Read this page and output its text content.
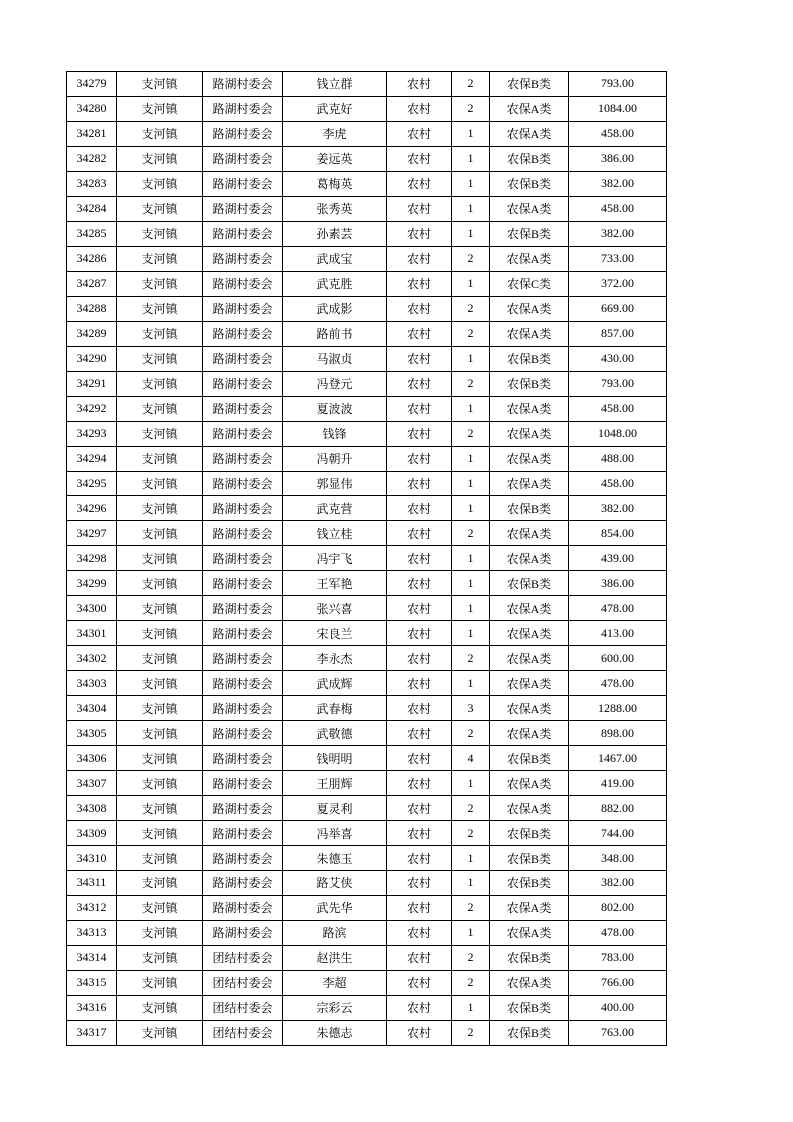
34279	支河镇	路湖村委会	钱立群	农村	2	农保B类	793.00
34280	支河镇	路湖村委会	武克好	农村	2	农保A类	1084.00
34281	支河镇	路湖村委会	李虎	农村	1	农保A类	458.00
34282	支河镇	路湖村委会	姜远英	农村	1	农保B类	386.00
34283	支河镇	路湖村委会	葛梅英	农村	1	农保B类	382.00
34284	支河镇	路湖村委会	张秀英	农村	1	农保A类	458.00
34285	支河镇	路湖村委会	孙素芸	农村	1	农保B类	382.00
34286	支河镇	路湖村委会	武成宝	农村	2	农保A类	733.00
34287	支河镇	路湖村委会	武克胜	农村	1	农保C类	372.00
34288	支河镇	路湖村委会	武成影	农村	2	农保A类	669.00
34289	支河镇	路湖村委会	路前书	农村	2	农保A类	857.00
34290	支河镇	路湖村委会	马淑贞	农村	1	农保B类	430.00
34291	支河镇	路湖村委会	冯登元	农村	2	农保B类	793.00
34292	支河镇	路湖村委会	夏波波	农村	1	农保A类	458.00
34293	支河镇	路湖村委会	钱锋	农村	2	农保A类	1048.00
34294	支河镇	路湖村委会	冯朝升	农村	1	农保A类	488.00
34295	支河镇	路湖村委会	郭显伟	农村	1	农保A类	458.00
34296	支河镇	路湖村委会	武克营	农村	1	农保B类	382.00
34297	支河镇	路湖村委会	钱立桂	农村	2	农保A类	854.00
34298	支河镇	路湖村委会	冯宇飞	农村	1	农保A类	439.00
34299	支河镇	路湖村委会	王军艳	农村	1	农保B类	386.00
34300	支河镇	路湖村委会	张兴喜	农村	1	农保A类	478.00
34301	支河镇	路湖村委会	宋良兰	农村	1	农保A类	413.00
34302	支河镇	路湖村委会	李永杰	农村	2	农保A类	600.00
34303	支河镇	路湖村委会	武成辉	农村	1	农保A类	478.00
34304	支河镇	路湖村委会	武春梅	农村	3	农保A类	1288.00
34305	支河镇	路湖村委会	武敬德	农村	2	农保A类	898.00
34306	支河镇	路湖村委会	钱明明	农村	4	农保B类	1467.00
34307	支河镇	路湖村委会	王朋辉	农村	1	农保A类	419.00
34308	支河镇	路湖村委会	夏灵利	农村	2	农保A类	882.00
34309	支河镇	路湖村委会	冯举喜	农村	2	农保B类	744.00
34310	支河镇	路湖村委会	朱德玉	农村	1	农保B类	348.00
34311	支河镇	路湖村委会	路艾侠	农村	1	农保B类	382.00
34312	支河镇	路湖村委会	武先华	农村	2	农保A类	802.00
34313	支河镇	路湖村委会	路滨	农村	1	农保A类	478.00
34314	支河镇	团结村委会	赵洪生	农村	2	农保B类	783.00
34315	支河镇	团结村委会	李超	农村	2	农保A类	766.00
34316	支河镇	团结村委会	宗彩云	农村	1	农保B类	400.00
34317	支河镇	团结村委会	朱德志	农村	2	农保B类	763.00
